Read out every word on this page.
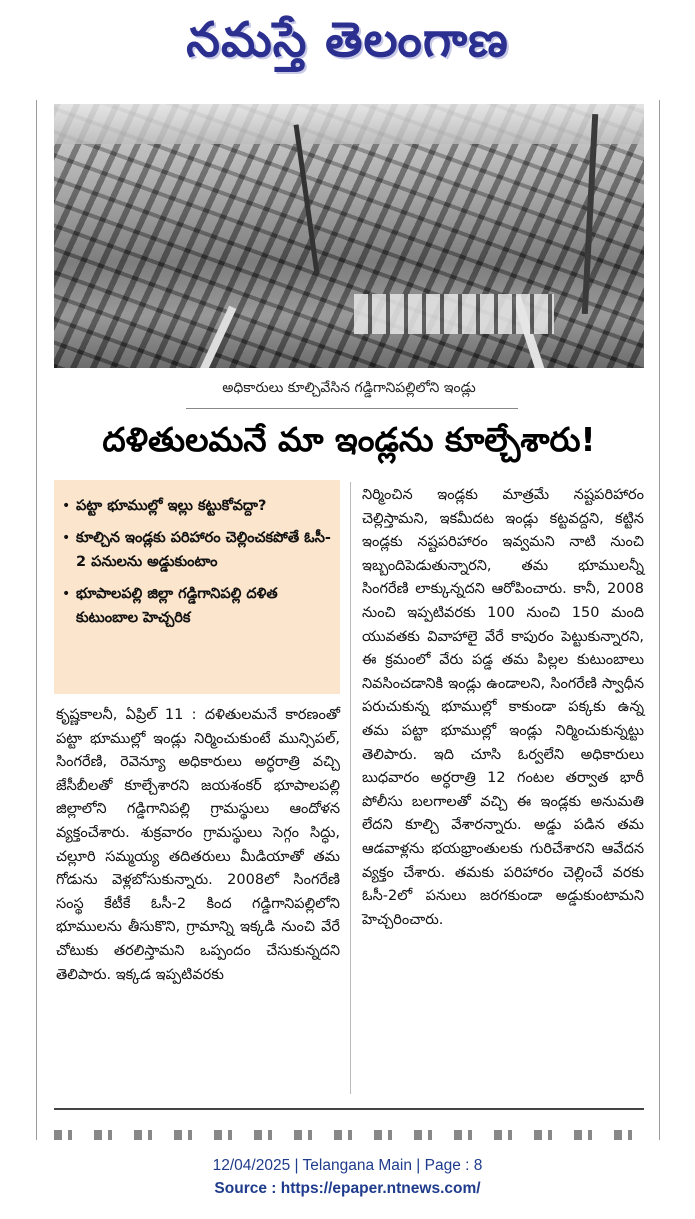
నమస్తే తెలంగాణ
అధికారులు కూల్చివేసిన గడ్డిగానిపల్లిలోని ఇండ్లు
దళితులమనే మా ఇండ్లను కూల్చేశారు!
• పట్టా భూముల్లో ఇల్లు కట్టుకోవద్దా?
• కూల్చిన ఇండ్లకు పరిహారం చెల్లించకపోతే ఓసీ- 2 పనులను అడ్డుకుంటాం
• భూపాలపల్లి జిల్లా గడ్డిగానిపల్లి దళిత కుటుంబాల హెచ్చరిక
కృష్ణకాలనీ, ఏప్రిల్ 11 : దళితులమనే కారణంతో పట్టా భూముల్లో ఇండ్లు నిర్మించుకుంటే మున్సిపల్, సింగరేణి, రెవెన్యూ అధికారులు అర్ధరాత్రి వచ్చి జేసీబీలతో కూల్చేశారని జయశంకర్ భూపాలపల్లి జిల్లాలోని గడ్డిగానిపల్లి గ్రామస్థులు ఆందోళన వ్యక్తంచేశారు. శుక్రవారం గ్రామస్థులు సెగ్గం సిద్ధు, చల్లూరి సమ్మయ్య తదితరులు మీడియాతో తమ గోడును వెళ్లబోసుకున్నారు. 2008లో సింగరేణి సంస్థ కేటీకే ఓసీ-2 కింద గడ్డిగానిపల్లిలోని భూములను తీసుకొని, గ్రామాన్ని ఇక్కడి నుంచి వేరే చోటుకు తరలిస్తామని ఒప్పందం చేసుకున్నదని తెలిపారు. ఇక్కడ ఇప్పటివరకు
నిర్మించిన ఇండ్లకు మాత్రమే నష్టపరిహారం చెల్లిస్తామని, ఇకమీదట ఇండ్లు కట్టవద్దని, కట్టిన ఇండ్లకు నష్టపరిహారం ఇవ్వమని నాటి నుంచి ఇబ్బందిపెడుతున్నారని, తమ భూములన్నీ సింగరేణి లాక్కున్నదని ఆరోపించారు. కానీ, 2008 నుంచి ఇప్పటివరకు 100 నుంచి 150 మంది యువతకు వివాహాలై వేరే కాపురం పెట్టుకున్నారని, ఈ క్రమంలో వేరు పడ్డ తమ పిల్లల కుటుంబాలు నివసించడానికి ఇండ్లు ఉండాలని, సింగరేణి స్వాధీన పరుచుకున్న భూముల్లో కాకుండా పక్కకు ఉన్న తమ పట్టా భూముల్లో ఇండ్లు నిర్మించుకున్నట్టు తెలిపారు. ఇది చూసి ఓర్వలేని అధికారులు బుధవారం అర్ధరాత్రి 12 గంటల తర్వాత భారీ పోలీసు బలగాలతో వచ్చి ఈ ఇండ్లకు అనుమతి లేదని కూల్చి వేశారన్నారు. అడ్డు పడిన తమ ఆడవాళ్లను భయభ్రాంతులకు గురిచేశారని ఆవేదన వ్యక్తం చేశారు. తమకు పరిహారం చెల్లించే వరకు ఓసీ-2లో పనులు జరగకుండా అడ్డుకుంటామని హెచ్చరించారు.
12/04/2025 | Telangana Main | Page : 8
Source : https://epaper.ntnews.com/
